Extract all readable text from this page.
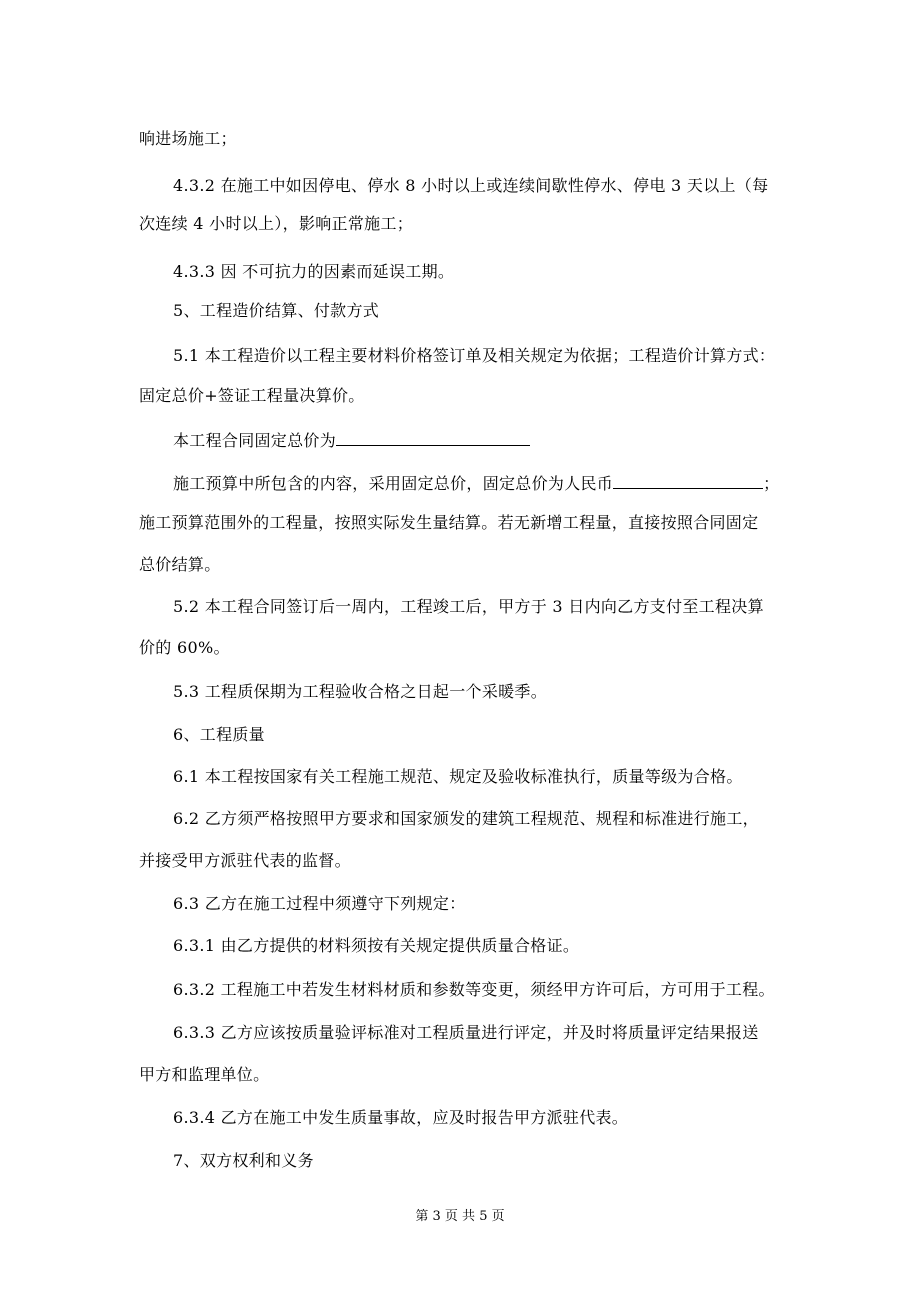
响进场施工；
4.3.2 在施工中如因停电、停水 8 小时以上或连续间歇性停水、停电 3 天以上（每
次连续 4 小时以上），影响正常施工；
4.3.3 因 不可抗力的因素而延误工期。
5、工程造价结算、付款方式
5.1 本工程造价以工程主要材料价格签订单及相关规定为依据；工程造价计算方式：
固定总价+签证工程量决算价。
本工程合同固定总价为
施工预算中所包含的内容，采用固定总价，固定总价为人民币	；
施工预算范围外的工程量，按照实际发生量结算。若无新增工程量，直接按照合同固定
总价结算。
5.2 本工程合同签订后一周内，工程竣工后，甲方于 3 日内向乙方支付至工程决算
价的 60%。
5.3 工程质保期为工程验收合格之日起一个采暖季。
6、工程质量
6.1 本工程按国家有关工程施工规范、规定及验收标准执行，质量等级为合格。
6.2 乙方须严格按照甲方要求和国家颁发的建筑工程规范、规程和标准进行施工，
并接受甲方派驻代表的监督。
6.3 乙方在施工过程中须遵守下列规定：
6.3.1 由乙方提供的材料须按有关规定提供质量合格证。
6.3.2 工程施工中若发生材料材质和参数等变更，须经甲方许可后，方可用于工程。
6.3.3 乙方应该按质量验评标准对工程质量进行评定，并及时将质量评定结果报送
甲方和监理单位。
6.3.4 乙方在施工中发生质量事故，应及时报告甲方派驻代表。
7、双方权利和义务
第 3 页 共 5 页
